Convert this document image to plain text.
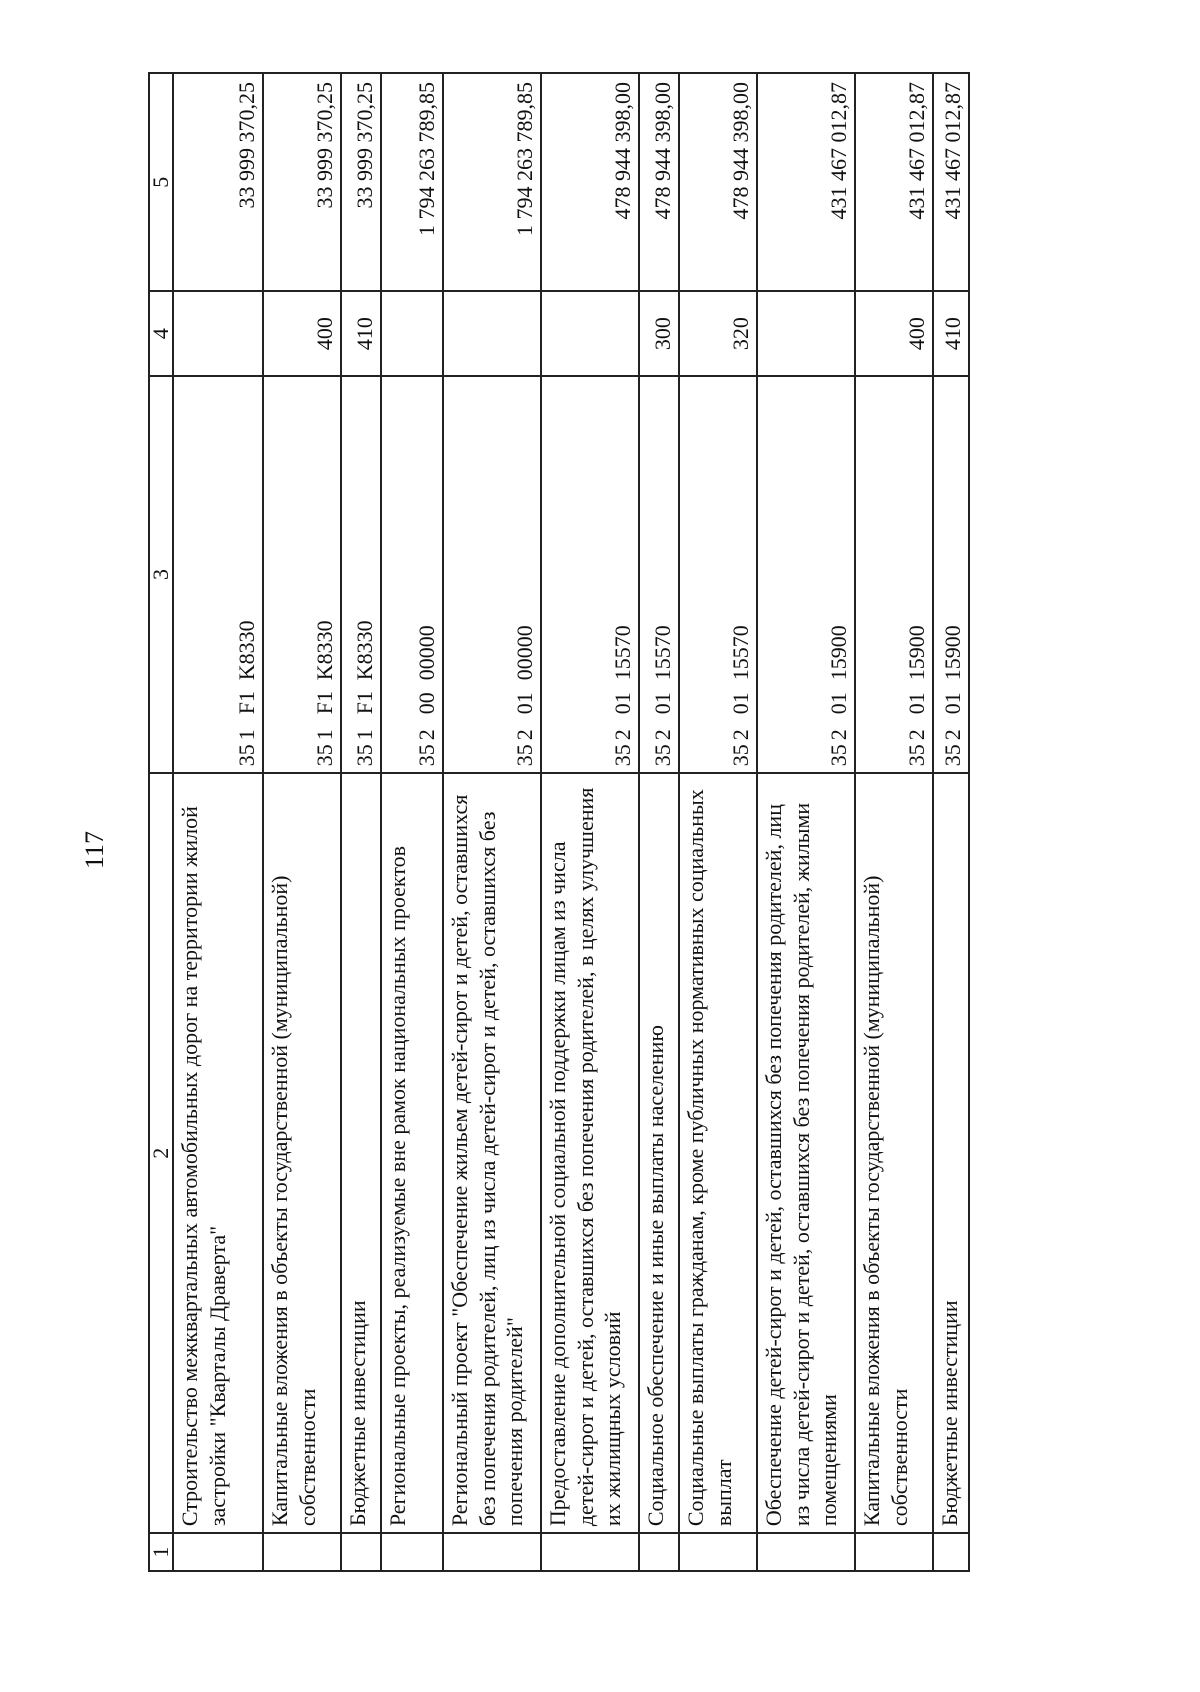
117
1	2	3	4	5
	Строительство межквартальных автомобильных дорог на территории жилой застройки "Кварталы Драверта"	351F1K8330		33 999 370,25
	Капитальные вложения в объекты государственной (муниципальной) собственности	351F1K8330	400	33 999 370,25
	Бюджетные инвестиции	351F1K8330	410	33 999 370,25
	Региональные проекты, реализуемые вне рамок национальных проектов	3520000000		1 794 263 789,85
	Региональный проект "Обеспечение жильем детей-сирот и детей, оставшихся без попечения родителей, лиц из числа детей-сирот и детей, оставшихся без попечения родителей"	3520100000		1 794 263 789,85
	Предоставление дополнительной социальной поддержки лицам из числа детей-сирот и детей, оставшихся без попечения родителей, в целях улучшения их жилищных условий	3520115570		478 944 398,00
	Социальное обеспечение и иные выплаты населению	3520115570	300	478 944 398,00
	Социальные выплаты гражданам, кроме публичных нормативных социальных выплат	3520115570	320	478 944 398,00
	Обеспечение детей-сирот и детей, оставшихся без попечения родителей, лиц из числа детей-сирот и детей, оставшихся без попечения родителей, жилыми помещениями	3520115900		431 467 012,87
	Капитальные вложения в объекты государственной (муниципальной) собственности	3520115900	400	431 467 012,87
	Бюджетные инвестиции	3520115900	410	431 467 012,87
